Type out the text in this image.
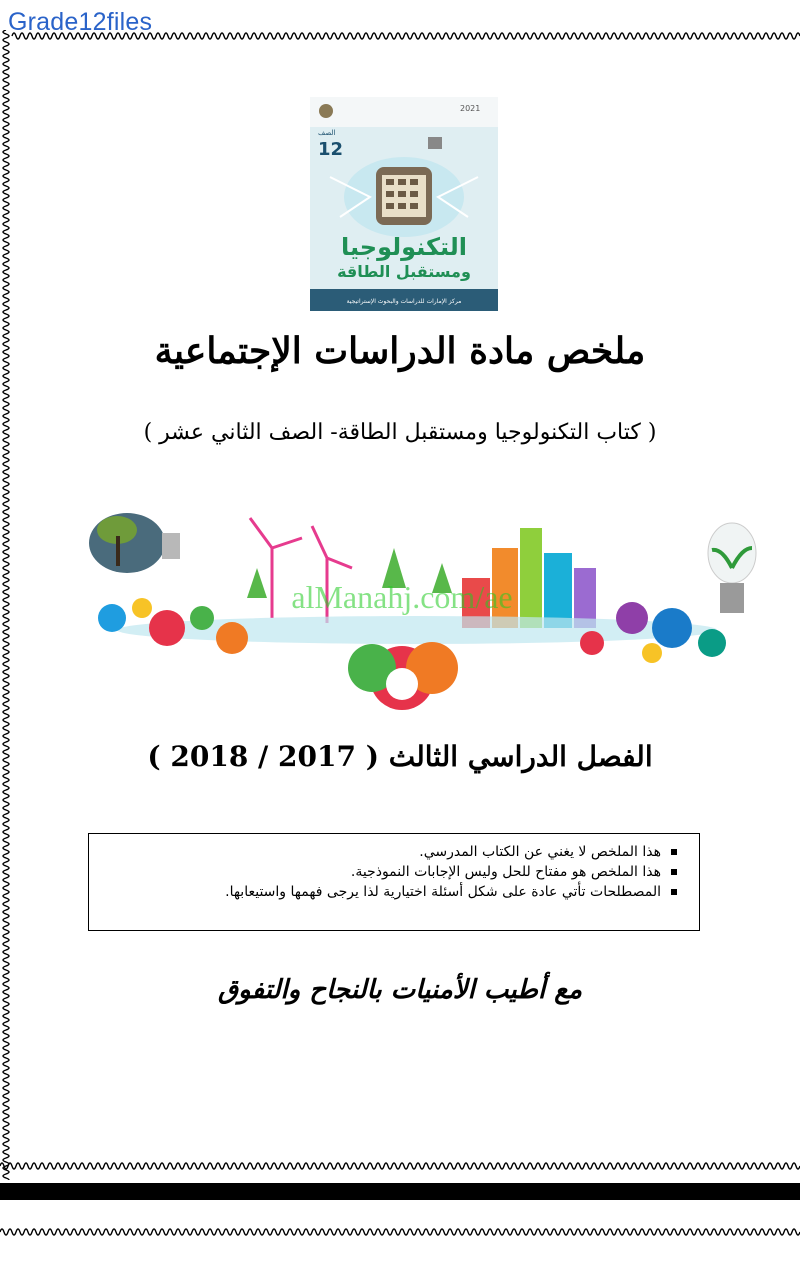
Grade12files
2021
الصف
12
التكنولوجيا
ومستقبل الطاقة
مركز الإمارات للدراسات والبحوث الإستراتيجية
ملخص مادة الدراسات الإجتماعية
( كتاب التكنولوجيا ومستقبل الطاقة- الصف الثاني عشر )
alManahj.com/ae
الفصل الدراسي الثالث ( 2017 / 2018 )
هذا الملخص لا يغني عن الكتاب المدرسي.
هذا الملخص هو مفتاح للحل وليس الإجابات النموذجية.
المصطلحات تأتي عادة على شكل أسئلة اختيارية لذا يرجى فهمها واستيعابها.
مع أطيب الأمنيات بالنجاح والتفوق
